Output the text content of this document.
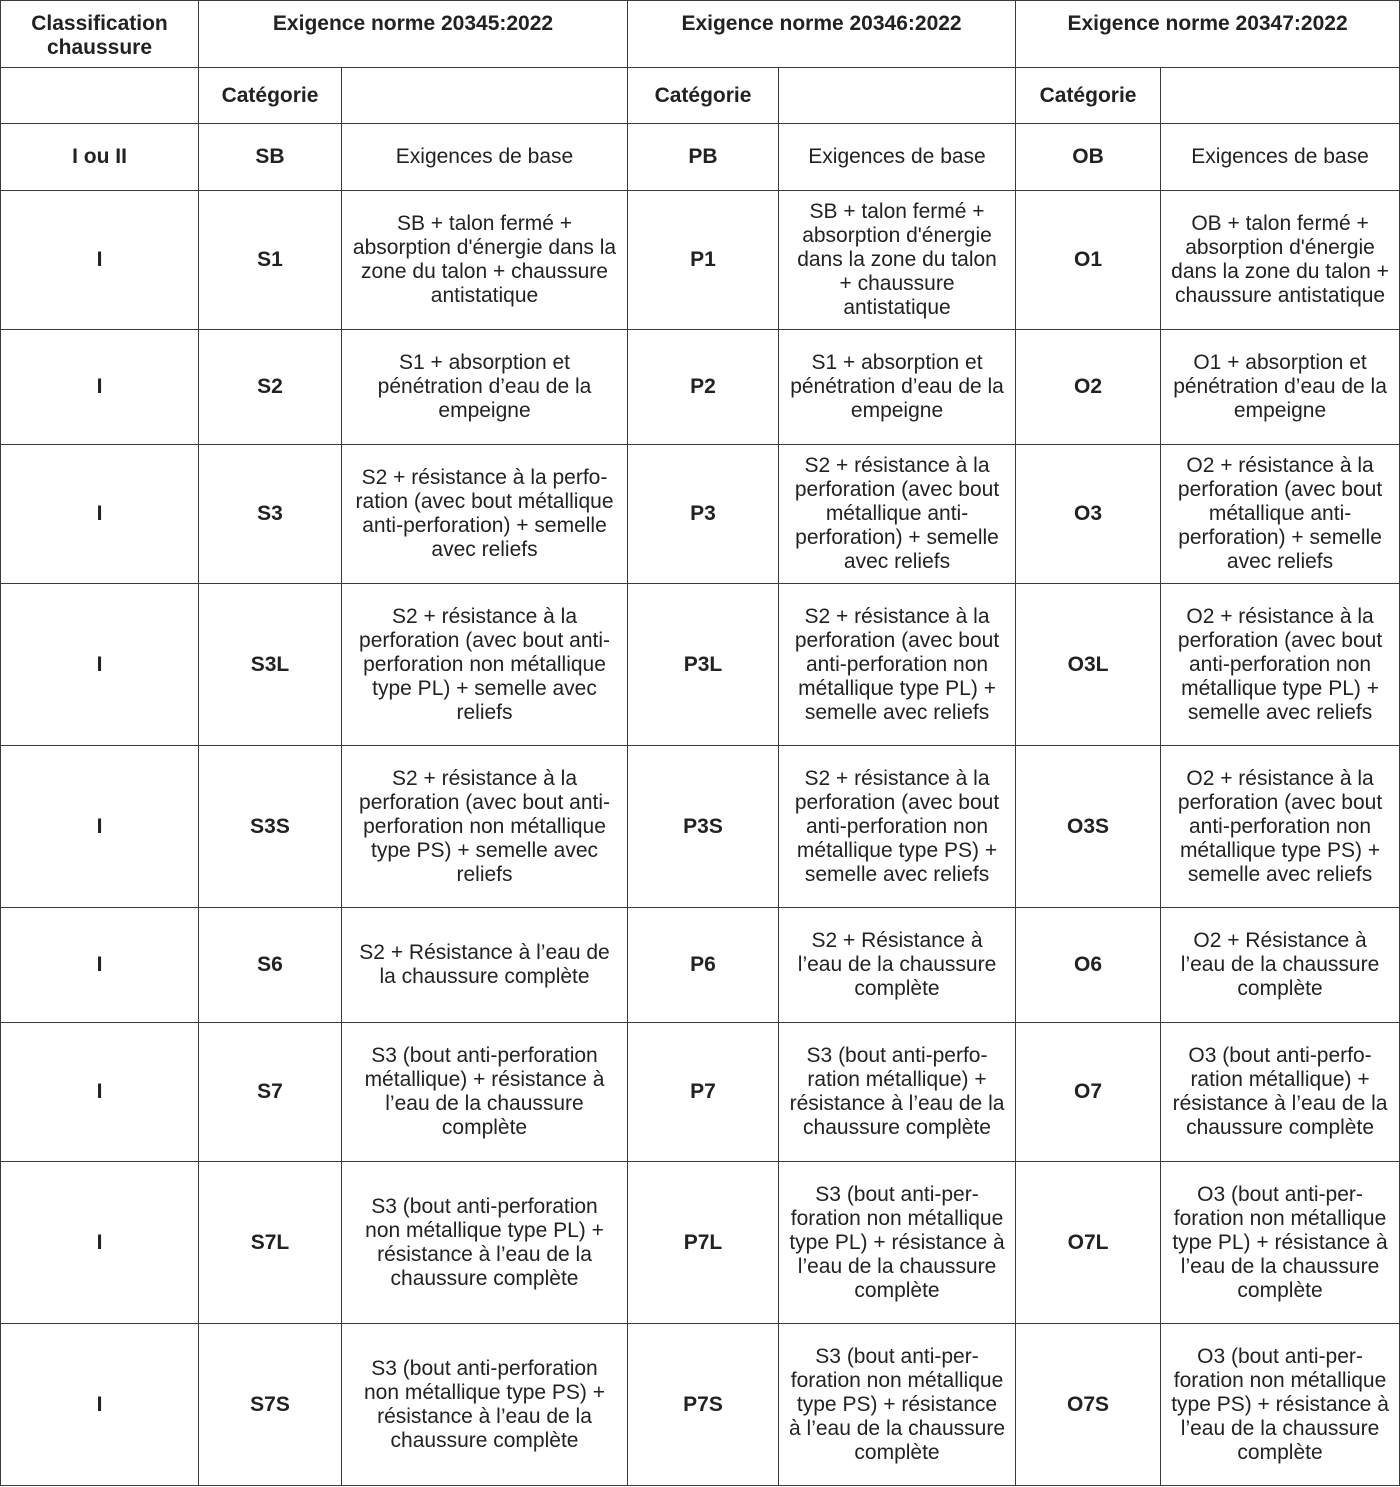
Classification chaussure	Exigence norme 20345:2022		Exigence norme 20346:2022		Exigence norme 20347:2022	
	Catégorie		Catégorie		Catégorie	
I ou II	SB	Exigences de base	PB	Exigences de base	OB	Exigences de base
I	S1	SB + talon fermé + absorption d'énergie dans la zone du talon + chaussure antistatique	P1	SB + talon fermé + absorption d'énergie dans la zone du talon + chaussure antistatique	O1	OB + talon fermé + absorption d'énergie dans la zone du talon + chaussure antistatique
I	S2	S1 + absorption et pénétration d’eau de la empeigne	P2	S1 + absorption et pénétration d’eau de la empeigne	O2	O1 + absorption et pénétration d’eau de la empeigne
I	S3	S2 + résistance à la perforation (avec bout métallique anti-perforation) + semelle avec reliefs	P3	S2 + résistance à la perforation (avec bout métallique anti-perforation) + semelle avec reliefs	O3	O2 + résistance à la perforation (avec bout métallique anti-perforation) + semelle avec reliefs
I	S3L	S2 + résistance à la perforation (avec bout anti-perforation non métallique type PL) + semelle avec reliefs	P3L	S2 + résistance à la perforation (avec bout anti-perforation non métallique type PL) + semelle avec reliefs	O3L	O2 + résistance à la perforation (avec bout anti-perforation non métallique type PL) + semelle avec reliefs
I	S3S	S2 + résistance à la perforation (avec bout anti-perforation non métallique type PS) + semelle avec reliefs	P3S	S2 + résistance à la perforation (avec bout anti-perforation non métallique type PS) + semelle avec reliefs	O3S	O2 + résistance à la perforation (avec bout anti-perforation non métallique type PS) + semelle avec reliefs
I	S6	S2 + Résistance à l’eau de la chaussure complète	P6	S2 + Résistance à l’eau de la chaussure complète	O6	O2 + Résistance à l’eau de la chaussure complète
I	S7	S3 (bout anti-perforation métallique) + résistance à l’eau de la chaussure complète	P7	S3 (bout anti-perforation métallique) + résistance à l’eau de la chaussure complète	O7	O3 (bout anti-perforation métallique) + résistance à l’eau de la chaussure complète
I	S7L	S3 (bout anti-perforation non métallique type PL) + résistance à l’eau de la chaussure complète	P7L	S3 (bout anti-perforation non métallique type PL) + résistance à l’eau de la chaussure complète	O7L	O3 (bout anti-perforation non métallique type PL) + résistance à l’eau de la chaussure complète
I	S7S	S3 (bout anti-perforation non métallique type PS) + résistance à l’eau de la chaussure complète	P7S	S3 (bout anti-perforation non métallique type PS) + résistance à l’eau de la chaussure complète	O7S	O3 (bout anti-perforation non métallique type PS) + résistance à l’eau de la chaussure complète
